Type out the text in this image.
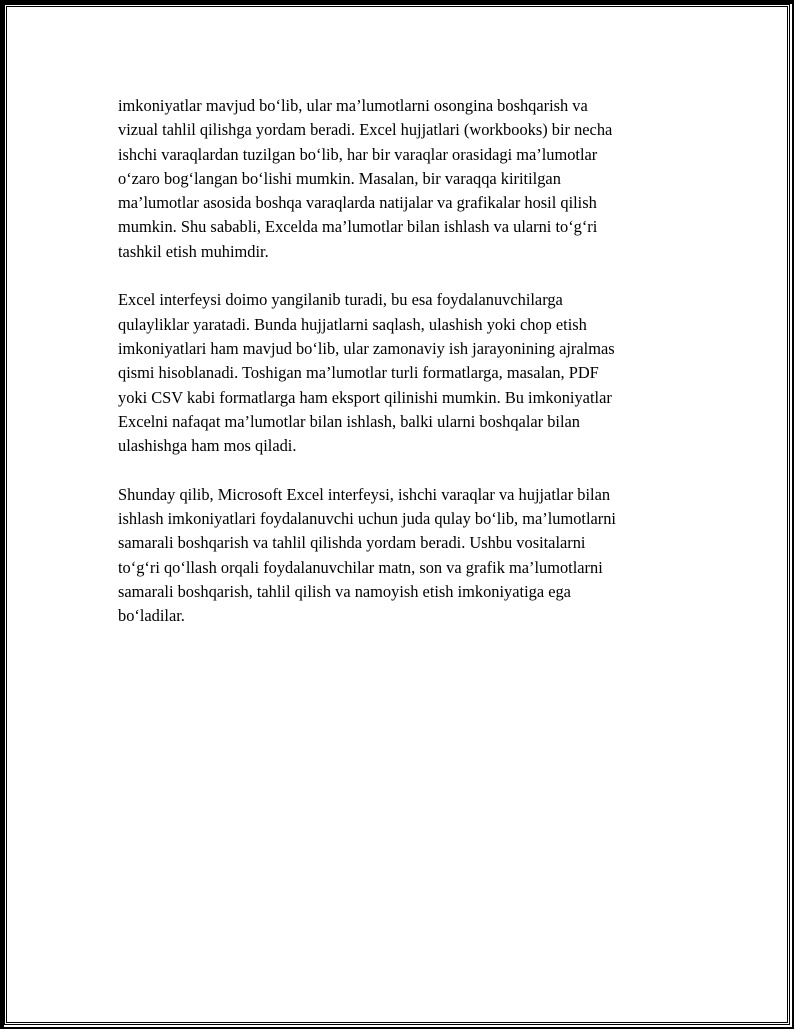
imkoniyatlar mavjud bo‘lib, ular ma’lumotlarni osongina boshqarish va
vizual tahlil qilishga yordam beradi. Excel hujjatlari (workbooks) bir necha
ishchi varaqlardan tuzilgan bo‘lib, har bir varaqlar orasidagi ma’lumotlar
o‘zaro bog‘langan bo‘lishi mumkin. Masalan, bir varaqqa kiritilgan
ma’lumotlar asosida boshqa varaqlarda natijalar va grafikalar hosil qilish
mumkin. Shu sababli, Excelda ma’lumotlar bilan ishlash va ularni to‘g‘ri
tashkil etish muhimdir.

Excel interfeysi doimo yangilanib turadi, bu esa foydalanuvchilarga
qulayliklar yaratadi. Bunda hujjatlarni saqlash, ulashish yoki chop etish
imkoniyatlari ham mavjud bo‘lib, ular zamonaviy ish jarayonining ajralmas
qismi hisoblanadi. Toshigan ma’lumotlar turli formatlarga, masalan, PDF
yoki CSV kabi formatlarga ham eksport qilinishi mumkin. Bu imkoniyatlar
Excelni nafaqat ma’lumotlar bilan ishlash, balki ularni boshqalar bilan
ulashishga ham mos qiladi.

Shunday qilib, Microsoft Excel interfeysi, ishchi varaqlar va hujjatlar bilan
ishlash imkoniyatlari foydalanuvchi uchun juda qulay bo‘lib, ma’lumotlarni
samarali boshqarish va tahlil qilishda yordam beradi. Ushbu vositalarni
to‘g‘ri qo‘llash orqali foydalanuvchilar matn, son va grafik ma’lumotlarni
samarali boshqarish, tahlil qilish va namoyish etish imkoniyatiga ega
bo‘ladilar.
